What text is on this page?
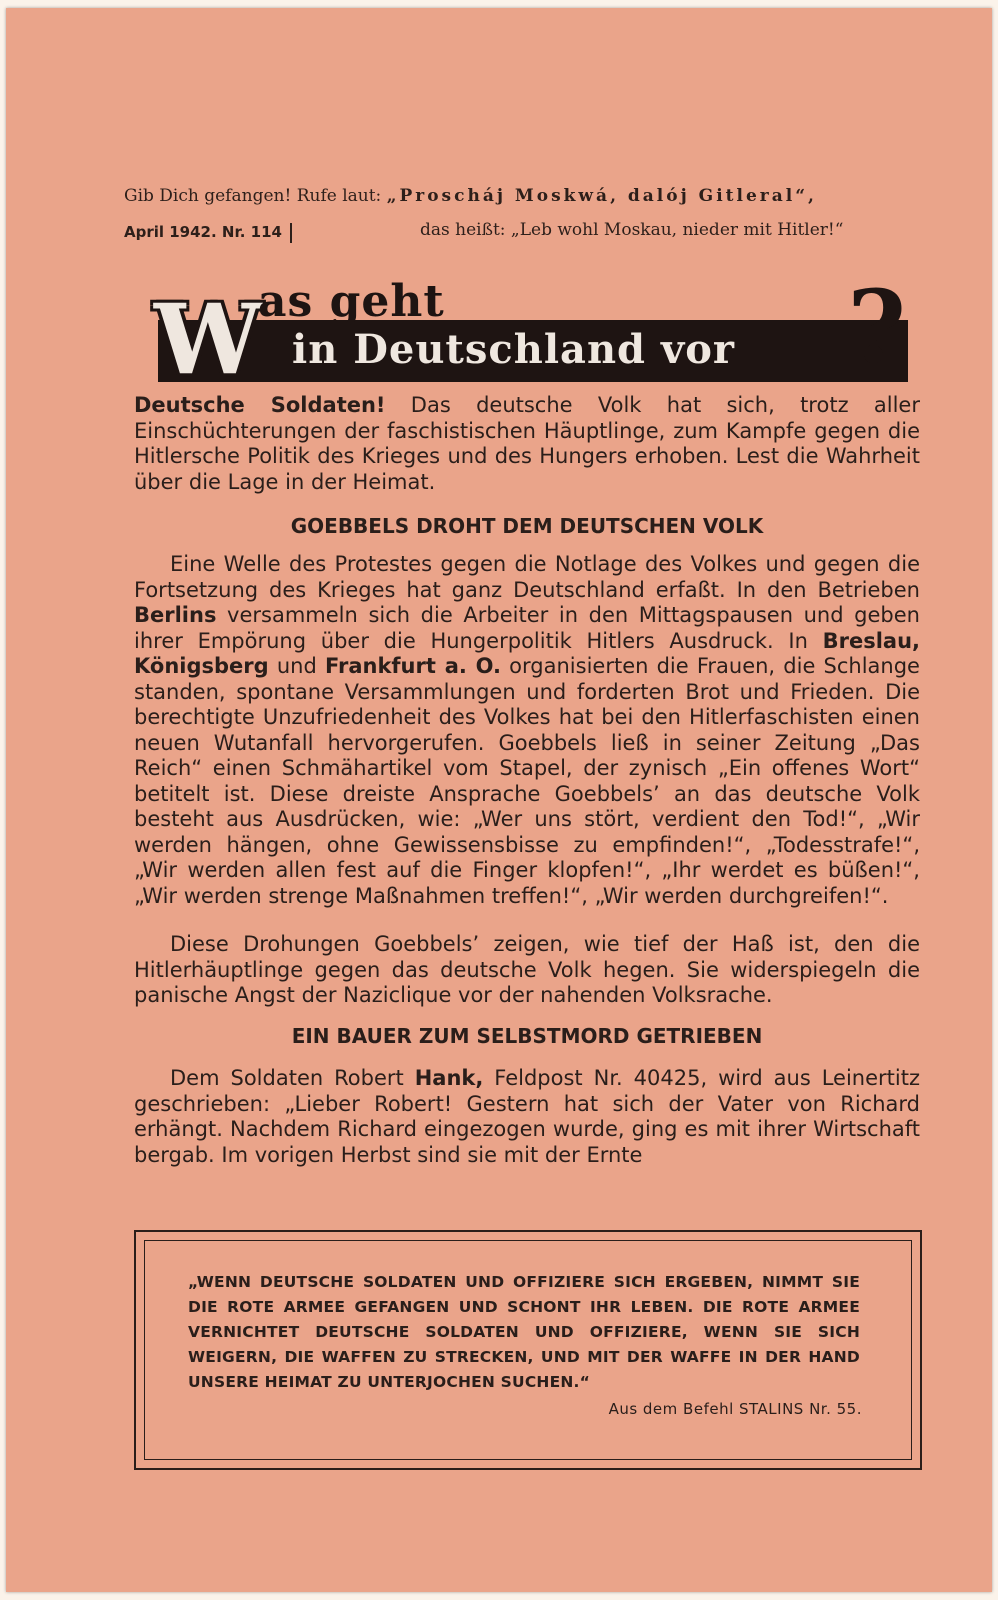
Gib Dich gefangen! Rufe laut: „Proscháj Moskwá, dalój Gitleral“,
April 1942. Nr. 114	das heißt: „Leb wohl Moskau, nieder mit Hitler!“
W
as geht
in Deutschland vor ?
Deutsche Soldaten! Das deutsche Volk hat sich, trotz aller Einschüchterungen der faschistischen Häuptlinge, zum Kampfe gegen die Hitlersche Politik des Krieges und des Hungers erhoben. Lest die Wahrheit über die Lage in der Heimat.
GOEBBELS DROHT DEM DEUTSCHEN VOLK
Eine Welle des Protestes gegen die Notlage des Volkes und gegen die Fortsetzung des Krieges hat ganz Deutschland erfaßt. In den Betrieben Berlins versammeln sich die Arbeiter in den Mittagspausen und geben ihrer Empörung über die Hungerpolitik Hitlers Ausdruck. In Breslau, Königsberg und Frankfurt a. O. organisierten die Frauen, die Schlange standen, spontane Versammlungen und forderten Brot und Frieden. Die berechtigte Unzufriedenheit des Volkes hat bei den Hitlerfaschisten einen neuen Wutanfall hervorgerufen. Goebbels ließ in seiner Zeitung „Das Reich“ einen Schmähartikel vom Stapel, der zynisch „Ein offenes Wort“ betitelt ist. Diese dreiste Ansprache Goebbels’ an das deutsche Volk besteht aus Ausdrücken, wie: „Wer uns stört, verdient den Tod!“, „Wir werden hängen, ohne Gewissensbisse zu empfinden!“, „Todesstrafe!“, „Wir werden allen fest auf die Finger klopfen!“, „Ihr werdet es büßen!“, „Wir werden strenge Maßnahmen treffen!“, „Wir werden durchgreifen!“.
Diese Drohungen Goebbels’ zeigen, wie tief der Haß ist, den die Hitlerhäuptlinge gegen das deutsche Volk hegen. Sie widerspiegeln die panische Angst der Naziclique vor der nahenden Volksrache.
EIN BAUER ZUM SELBSTMORD GETRIEBEN
Dem Soldaten Robert Hank, Feldpost Nr. 40425, wird aus Leinertitz geschrieben: „Lieber Robert! Gestern hat sich der Vater von Richard erhängt. Nachdem Richard eingezogen wurde, ging es mit ihrer Wirtschaft bergab. Im vorigen Herbst sind sie mit der Ernte
„WENN DEUTSCHE SOLDATEN UND OFFIZIERE SICH ERGEBEN, NIMMT SIE DIE ROTE ARMEE GEFANGEN UND SCHONT IHR LEBEN. DIE ROTE ARMEE VERNICHTET DEUTSCHE SOLDATEN UND OFFIZIERE, WENN SIE SICH WEIGERN, DIE WAFFEN ZU STRECKEN, UND MIT DER WAFFE IN DER HAND UNSERE HEIMAT ZU UNTERJOCHEN SUCHEN.“
Aus dem Befehl STALINS Nr. 55.
